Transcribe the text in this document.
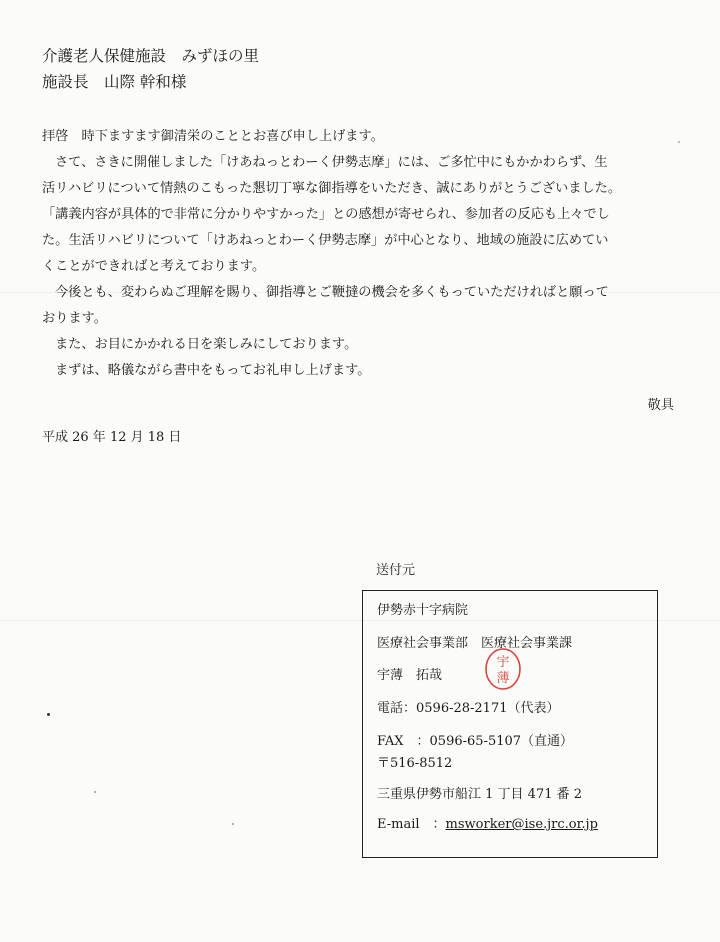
介護老人保健施設　みずほの里
施設長　山際 幹和様

拝啓　時下ますます御清栄のこととお喜び申し上げます。

さて、さきに開催しました「けあねっとわーく伊勢志摩」には、ご多忙中にもかかわらず、生

活リハビリについて情熱のこもった懇切丁寧な御指導をいただき、誠にありがとうございました。

「講義内容が具体的で非常に分かりやすかった」との感想が寄せられ、参加者の反応も上々でし

た。生活リハビリについて「けあねっとわーく伊勢志摩」が中心となり、地域の施設に広めてい

くことができればと考えております。

今後とも、変わらぬご理解を賜り、御指導とご鞭撻の機会を多くもっていただければと願って

おります。

また、お目にかかれる日を楽しみにしております。

まずは、略儀ながら書中をもってお礼申し上げます。

敬具
平成 26 年 12 月 18 日
送付元
伊勢赤十字病院
医療社会事業部　医療社会事業課
宇薄　拓哉
宇
薄
電話：0596-28-2171（代表）
FAX　：0596-65-5107（直通）
〒516-8512
三重県伊勢市船江 1 丁目 471 番 2
E-mail　：msworker@ise.jrc.or.jp
